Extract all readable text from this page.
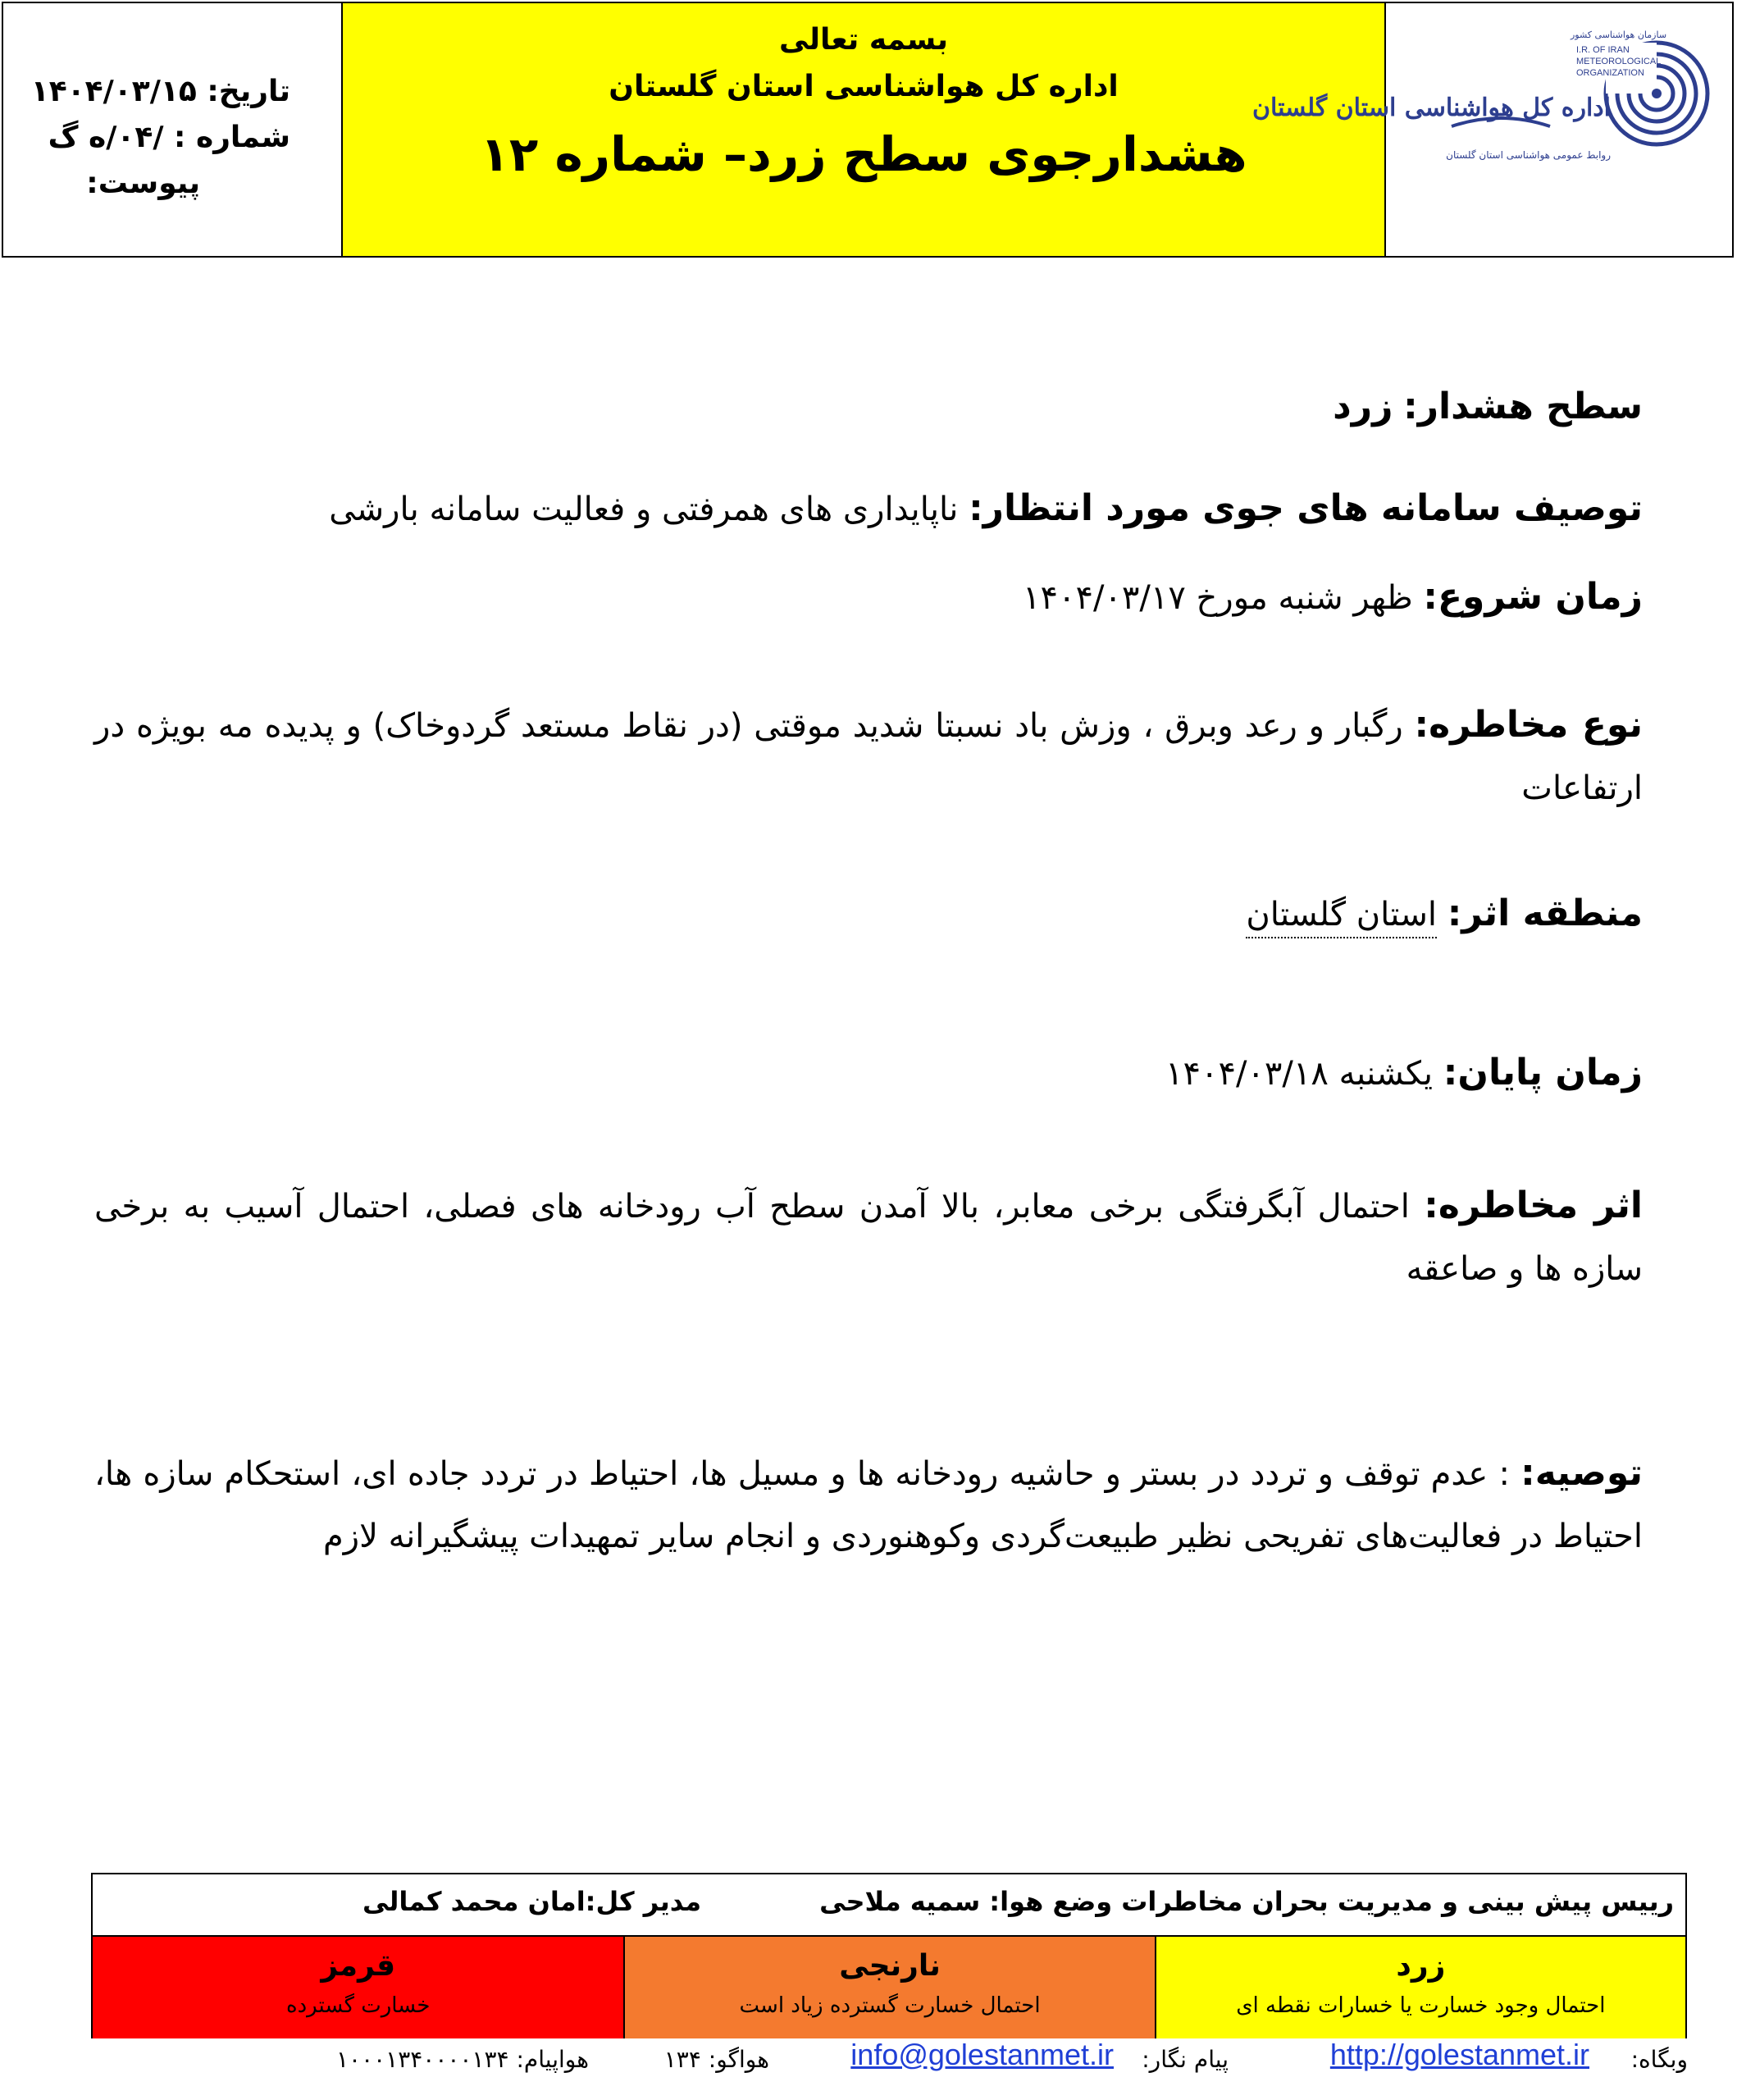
سازمان هواشناسی کشور
I.R. OF IRAN
METEOROLOGICAL
ORGANIZATION
اداره کل هواشناسی استان گلستان
روابط عمومی هواشناسی استان گلستان
بسمه تعالی
اداره کل هواشناسی استان گلستان
هشدارجوی سطح زرد– شماره ۱۲
تاریخ: ۱۴۰۴/۰۳/۱۵
شماره : /۰۴/ه گ
پیوست:
سطح هشدار: زرد
توصیف سامانه های جوی مورد انتظار: ناپایداری های همرفتی و فعالیت سامانه بارشی
زمان شروع: ظهر شنبه مورخ ۱۴۰۴/۰۳/۱۷
نوع مخاطره: رگبار و رعد وبرق ، وزش باد نسبتا شدید موقتی (در نقاط مستعد گردوخاک) و پدیده مه بویژه در ارتفاعات
منطقه اثر: استان گلستان
زمان پایان: یکشنبه ۱۴۰۴/۰۳/۱۸
اثر مخاطره: احتمال آبگرفتگی برخی معابر، بالا آمدن سطح آب رودخانه های فصلی، احتمال آسیب به برخی سازه ها و صاعقه
توصیه: : عدم توقف و تردد در بستر و حاشیه رودخانه ها و مسیل ها، احتیاط در تردد جاده ای، استحکام سازه ها، احتیاط در فعالیت‌های تفریحی نظیر طبیعت‌گردی وکوهنوردی و انجام سایر تمهیدات پیشگیرانه لازم
رییس پیش بینی و مدیریت بحران مخاطرات وضع هوا: سمیه ملاحی
مدیر کل:امان محمد کمالی
زرد
احتمال وجود خسارت یا خسارات نقطه ای
نارنجی
احتمال خسارت گسترده زیاد است
قرمز
خسارت گسترده
وبگاه:
http://golestanmet.ir
پیام نگار:
info@golestanmet.ir
هواگو: ۱۳۴
هواپیام: ۱۰۰۰۱۳۴۰۰۰۰۱۳۴
